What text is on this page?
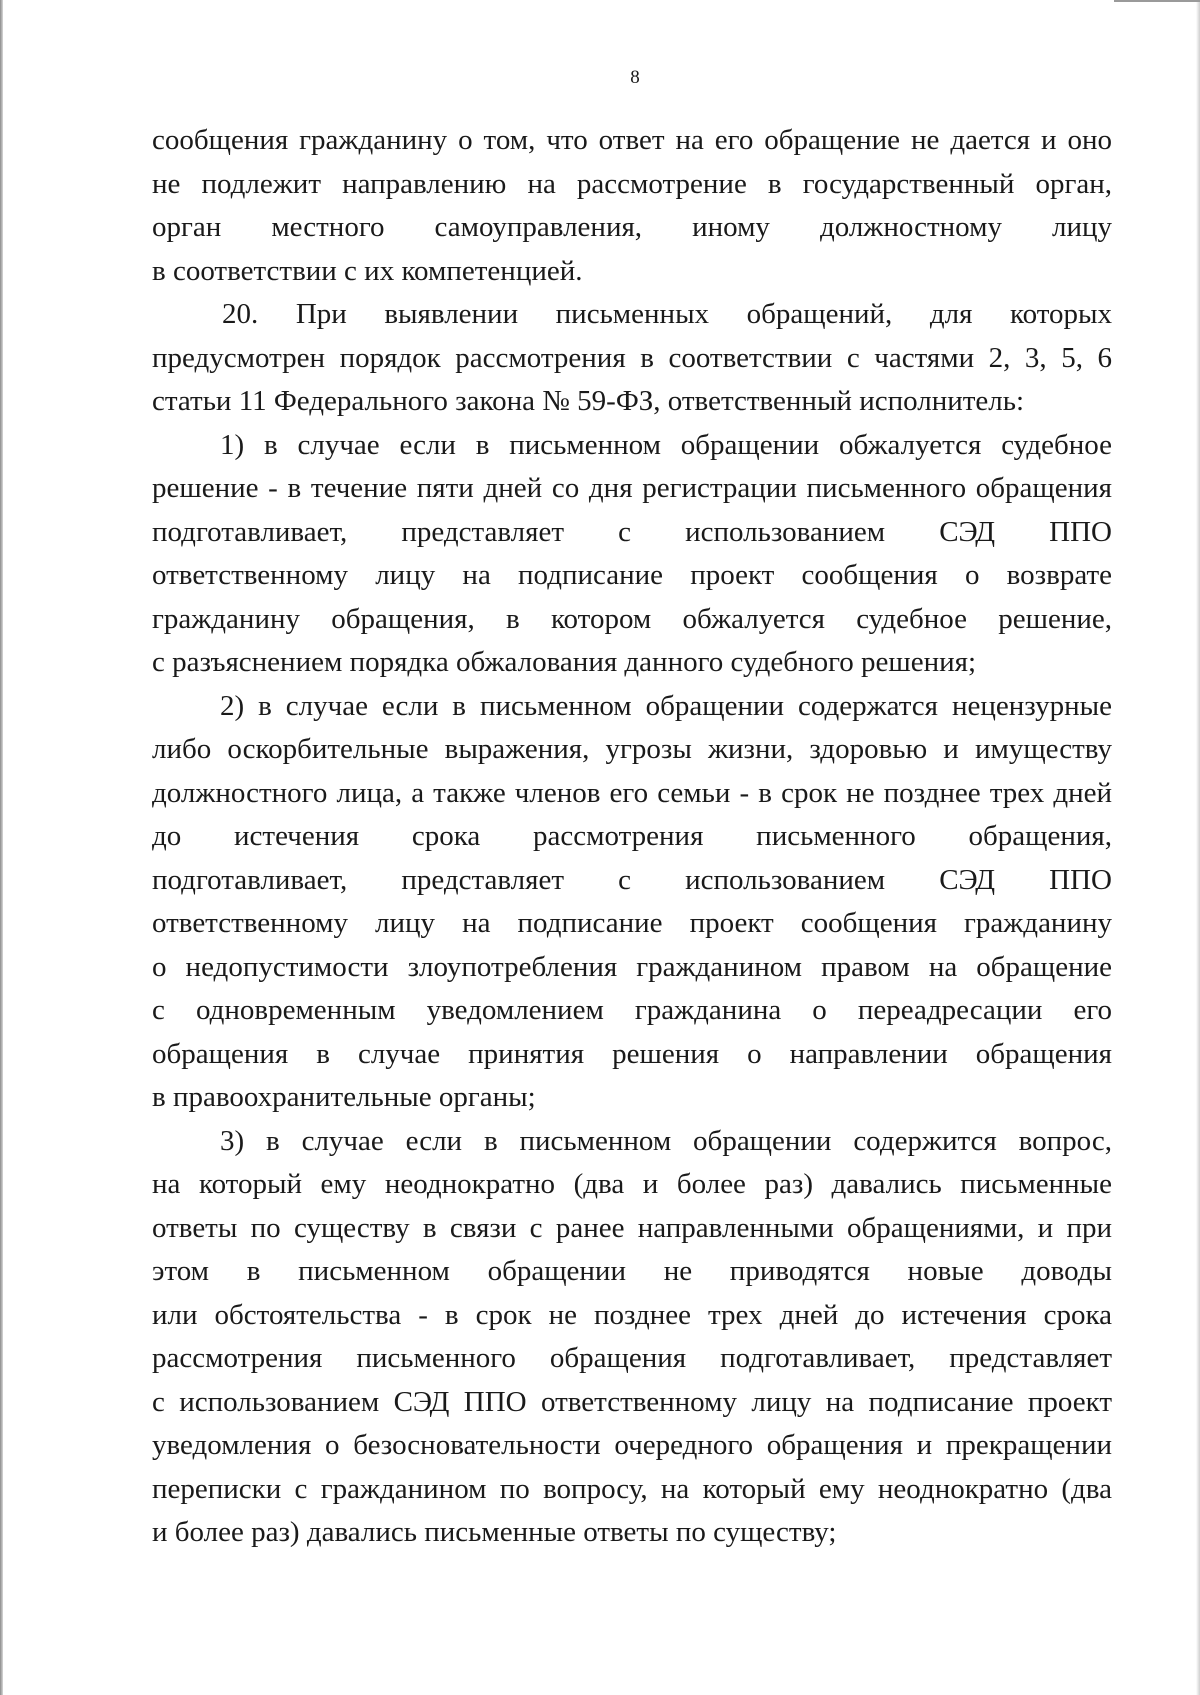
8
сообщения гражданину о том, что ответ на его обращение не дается и оно
не подлежит направлению на рассмотрение в государственный орган,
орган местного самоуправления, иному должностному лицу
в соответствии с их компетенцией.
20. При выявлении письменных обращений, для которых
предусмотрен порядок рассмотрения в соответствии с частями 2, 3, 5, 6
статьи 11 Федерального закона № 59-ФЗ, ответственный исполнитель:
1) в случае если в письменном обращении обжалуется судебное
решение - в течение пяти дней со дня регистрации письменного обращения
подготавливает, представляет с использованием СЭД ППО
ответственному лицу на подписание проект сообщения о возврате
гражданину обращения, в котором обжалуется судебное решение,
с разъяснением порядка обжалования данного судебного решения;
2) в случае если в письменном обращении содержатся нецензурные
либо оскорбительные выражения, угрозы жизни, здоровью и имуществу
должностного лица, а также членов его семьи - в срок не позднее трех дней
до истечения срока рассмотрения письменного обращения,
подготавливает, представляет с использованием СЭД ППО
ответственному лицу на подписание проект сообщения гражданину
о недопустимости злоупотребления гражданином правом на обращение
с одновременным уведомлением гражданина о переадресации его
обращения в случае принятия решения о направлении обращения
в правоохранительные органы;
3) в случае если в письменном обращении содержится вопрос,
на который ему неоднократно (два и более раз) давались письменные
ответы по существу в связи с ранее направленными обращениями, и при
этом в письменном обращении не приводятся новые доводы
или обстоятельства - в срок не позднее трех дней до истечения срока
рассмотрения письменного обращения подготавливает, представляет
с использованием СЭД ППО ответственному лицу на подписание проект
уведомления о безосновательности очередного обращения и прекращении
переписки с гражданином по вопросу, на который ему неоднократно (два
и более раз) давались письменные ответы по существу;
